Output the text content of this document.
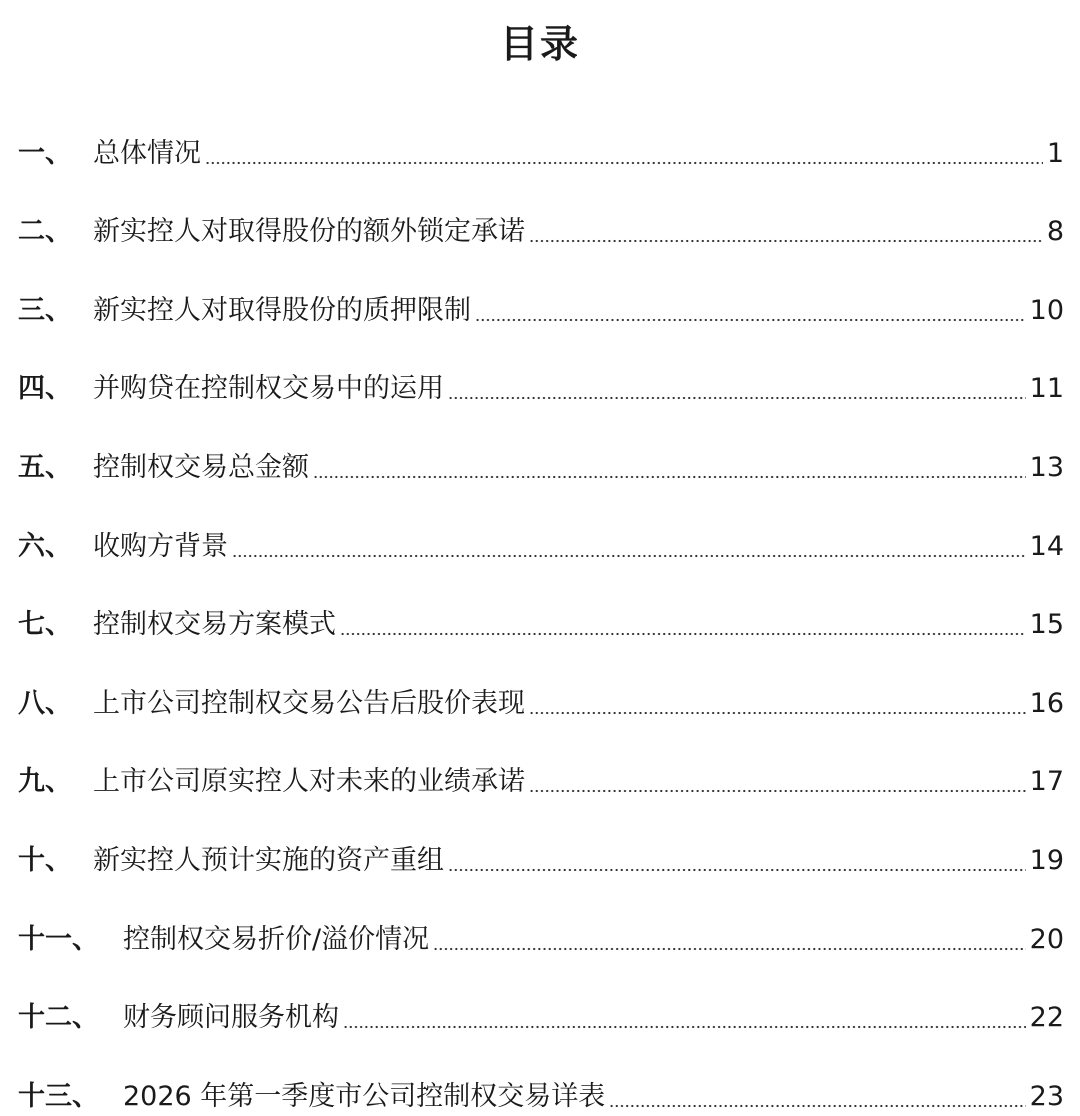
目录
一、 总体情况	1
二、 新实控人对取得股份的额外锁定承诺	8
三、 新实控人对取得股份的质押限制	10
四、 并购贷在控制权交易中的运用	11
五、 控制权交易总金额	13
六、 收购方背景	14
七、 控制权交易方案模式	15
八、 上市公司控制权交易公告后股价表现	16
九、 上市公司原实控人对未来的业绩承诺	17
十、 新实控人预计实施的资产重组	19
十一、 控制权交易折价/溢价情况	20
十二、 财务顾问服务机构	22
十三、 2026 年第一季度市公司控制权交易详表	23
